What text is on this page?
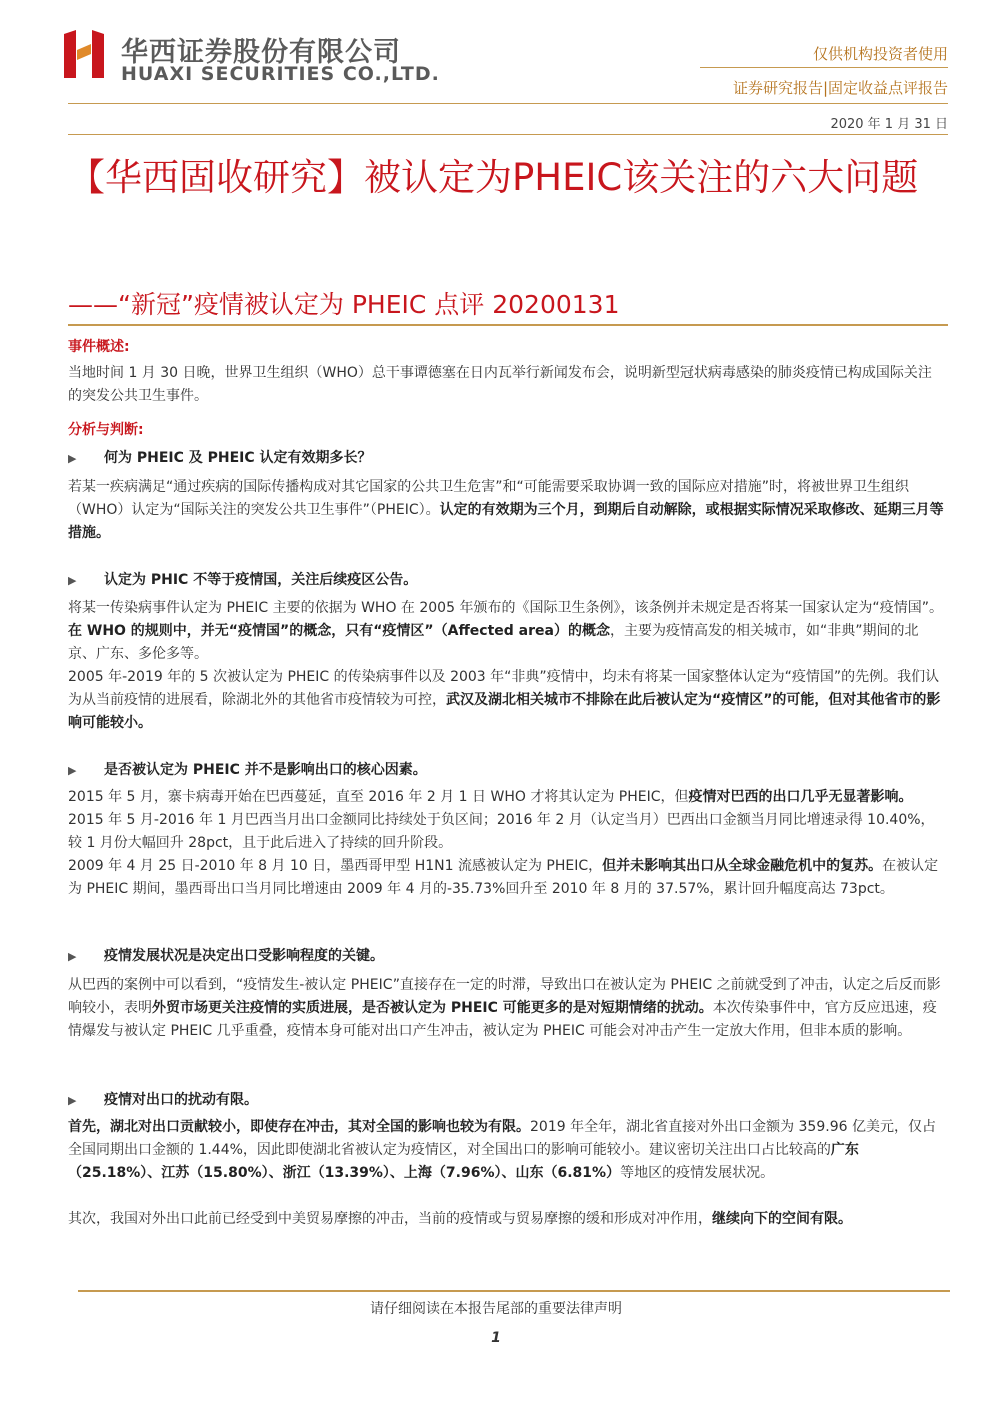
华西证券股份有限公司
HUAXI SECURITIES CO.,LTD.
仅供机构投资者使用
证券研究报告|固定收益点评报告
2020 年 1 月 31 日
【华西固收研究】被认定为PHEIC该关注的六大问题
——“新冠”疫情被认定为 PHEIC 点评 20200131
事件概述:
当地时间 1 月 30 日晚，世界卫生组织（WHO）总干事谭德塞在日内瓦举行新闻发布会，说明新型冠状病毒感染的肺炎疫情已构成国际关注的突发公共卫生事件。
分析与判断:
▶ 何为 PHEIC 及 PHEIC 认定有效期多长？
若某一疾病满足“通过疾病的国际传播构成对其它国家的公共卫生危害”和“可能需要采取协调一致的国际应对措施”时，将被世界卫生组织（WHO）认定为“国际关注的突发公共卫生事件”（PHEIC）。认定的有效期为三个月，到期后自动解除，或根据实际情况采取修改、延期三月等措施。
▶ 认定为 PHIC 不等于疫情国，关注后续疫区公告。
将某一传染病事件认定为 PHEIC 主要的依据为 WHO 在 2005 年颁布的《国际卫生条例》，该条例并未规定是否将某一国家认定为“疫情国”。在 WHO 的规则中，并无“疫情国”的概念，只有“疫情区”（Affected area）的概念，主要为疫情高发的相关城市，如“非典”期间的北京、广东、多伦多等。
2005 年-2019 年的 5 次被认定为 PHEIC 的传染病事件以及 2003 年“非典”疫情中，均未有将某一国家整体认定为“疫情国”的先例。我们认为从当前疫情的进展看，除湖北外的其他省市疫情较为可控，武汉及湖北相关城市不排除在此后被认定为“疫情区”的可能，但对其他省市的影响可能较小。
▶ 是否被认定为 PHEIC 并不是影响出口的核心因素。
2015 年 5 月，寨卡病毒开始在巴西蔓延，直至 2016 年 2 月 1 日 WHO 才将其认定为 PHEIC，但疫情对巴西的出口几乎无显著影响。2015 年 5 月-2016 年 1 月巴西当月出口金额同比持续处于负区间；2016 年 2 月（认定当月）巴西出口金额当月同比增速录得 10.40%，较 1 月份大幅回升 28pct，且于此后进入了持续的回升阶段。
2009 年 4 月 25 日-2010 年 8 月 10 日，墨西哥甲型 H1N1 流感被认定为 PHEIC，但并未影响其出口从全球金融危机中的复苏。在被认定为 PHEIC 期间，墨西哥出口当月同比增速由 2009 年 4 月的-35.73%回升至 2010 年 8 月的 37.57%，累计回升幅度高达 73pct。
▶ 疫情发展状况是决定出口受影响程度的关键。
从巴西的案例中可以看到，“疫情发生-被认定 PHEIC”直接存在一定的时滞，导致出口在被认定为 PHEIC 之前就受到了冲击，认定之后反而影响较小，表明外贸市场更关注疫情的实质进展，是否被认定为 PHEIC 可能更多的是对短期情绪的扰动。本次传染事件中，官方反应迅速，疫情爆发与被认定 PHEIC 几乎重叠，疫情本身可能对出口产生冲击，被认定为 PHEIC 可能会对冲击产生一定放大作用，但非本质的影响。
▶ 疫情对出口的扰动有限。
首先，湖北对出口贡献较小，即使存在冲击，其对全国的影响也较为有限。2019 年全年，湖北省直接对外出口金额为 359.96 亿美元，仅占全国同期出口金额的 1.44%，因此即使湖北省被认定为疫情区，对全国出口的影响可能较小。建议密切关注出口占比较高的广东（25.18%）、江苏（15.80%）、浙江（13.39%）、上海（7.96%）、山东（6.81%）等地区的疫情发展状况。
其次，我国对外出口此前已经受到中美贸易摩擦的冲击，当前的疫情或与贸易摩擦的缓和形成对冲作用，继续向下的空间有限。
请仔细阅读在本报告尾部的重要法律声明
1
